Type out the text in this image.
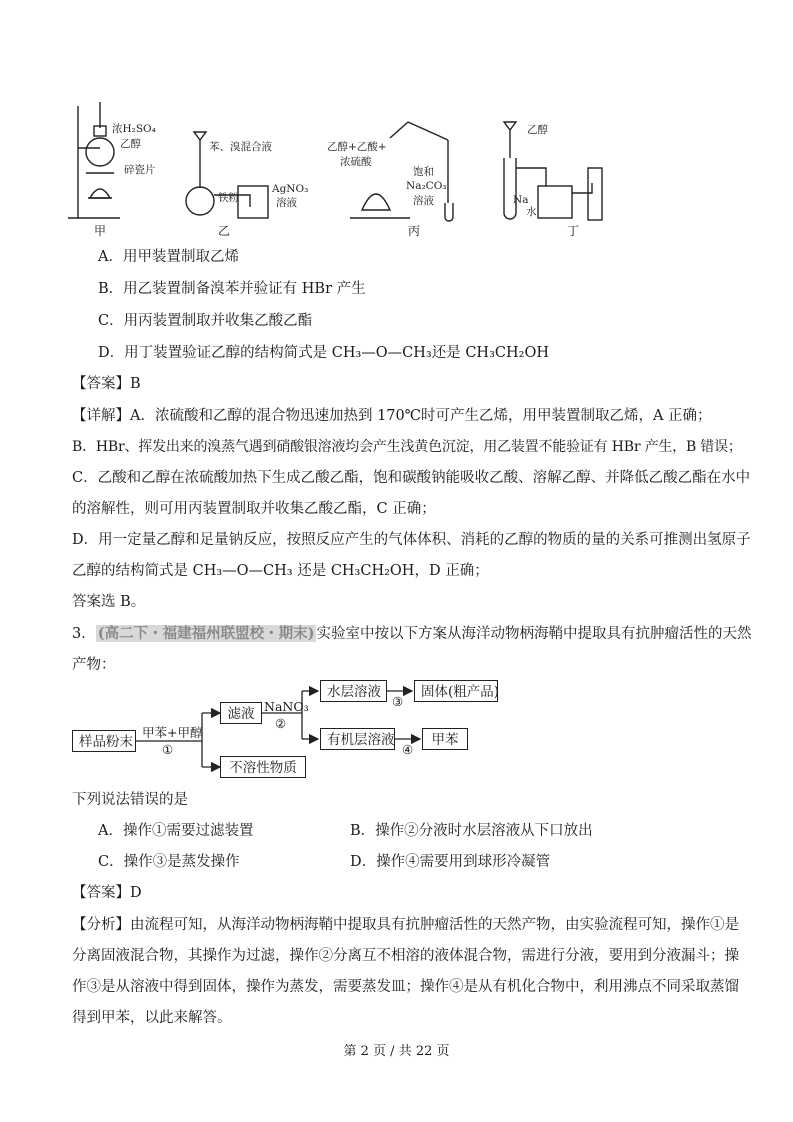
浓H₂SO₄
乙醇
碎瓷片
甲
苯、溴混合液
铁粉
AgNO₃
溶液
乙
乙醇+乙酸+
浓硫酸
饱和
Na₂CO₃
溶液
丙
乙醇
Na
水
丁
A．用甲装置制取乙烯
B．用乙装置制备溴苯并验证有 HBr 产生
C．用丙装置制取并收集乙酸乙酯
D．用丁装置验证乙醇的结构简式是 CH₃—O—CH₃还是 CH₃CH₂OH
【答案】B
【详解】A．浓硫酸和乙醇的混合物迅速加热到 170℃时可产生乙烯，用甲装置制取乙烯，A 正确；
B．HBr、挥发出来的溴蒸气遇到硝酸银溶液均会产生浅黄色沉淀，用乙装置不能验证有 HBr 产生，B 错误；
C．乙酸和乙醇在浓硫酸加热下生成乙酸乙酯，饱和碳酸钠能吸收乙酸、溶解乙醇、并降低乙酸乙酯在水中
的溶解性，则可用丙装置制取并收集乙酸乙酯，C 正确；
D．用一定量乙醇和足量钠反应，按照反应产生的气体体积、消耗的乙醇的物质的量的关系可推测出氢原子
乙醇的结构简式是 CH₃—O—CH₃ 还是 CH₃CH₂OH，D 正确；
答案选 B。
3． (高二下・福建福州联盟校・期末) 实验室中按以下方案从海洋动物柄海鞘中提取具有抗肿瘤活性的天然
产物：
样品粉末
甲苯+甲醇
①
滤液 NaNO₃
②
水层溶液
③
固体(粗产品)
有机层溶液
④
甲苯
不溶性物质
下列说法错误的是
A．操作①需要过滤装置	B．操作②分液时水层溶液从下口放出
C．操作③是蒸发操作	D．操作④需要用到球形冷凝管
【答案】D
【分析】由流程可知，从海洋动物柄海鞘中提取具有抗肿瘤活性的天然产物，由实验流程可知，操作①是
分离固液混合物，其操作为过滤，操作②分离互不相溶的液体混合物，需进行分液，要用到分液漏斗；操
作③是从溶液中得到固体，操作为蒸发，需要蒸发皿；操作④是从有机化合物中，利用沸点不同采取蒸馏
得到甲苯，以此来解答。
第 2 页 / 共 22 页
